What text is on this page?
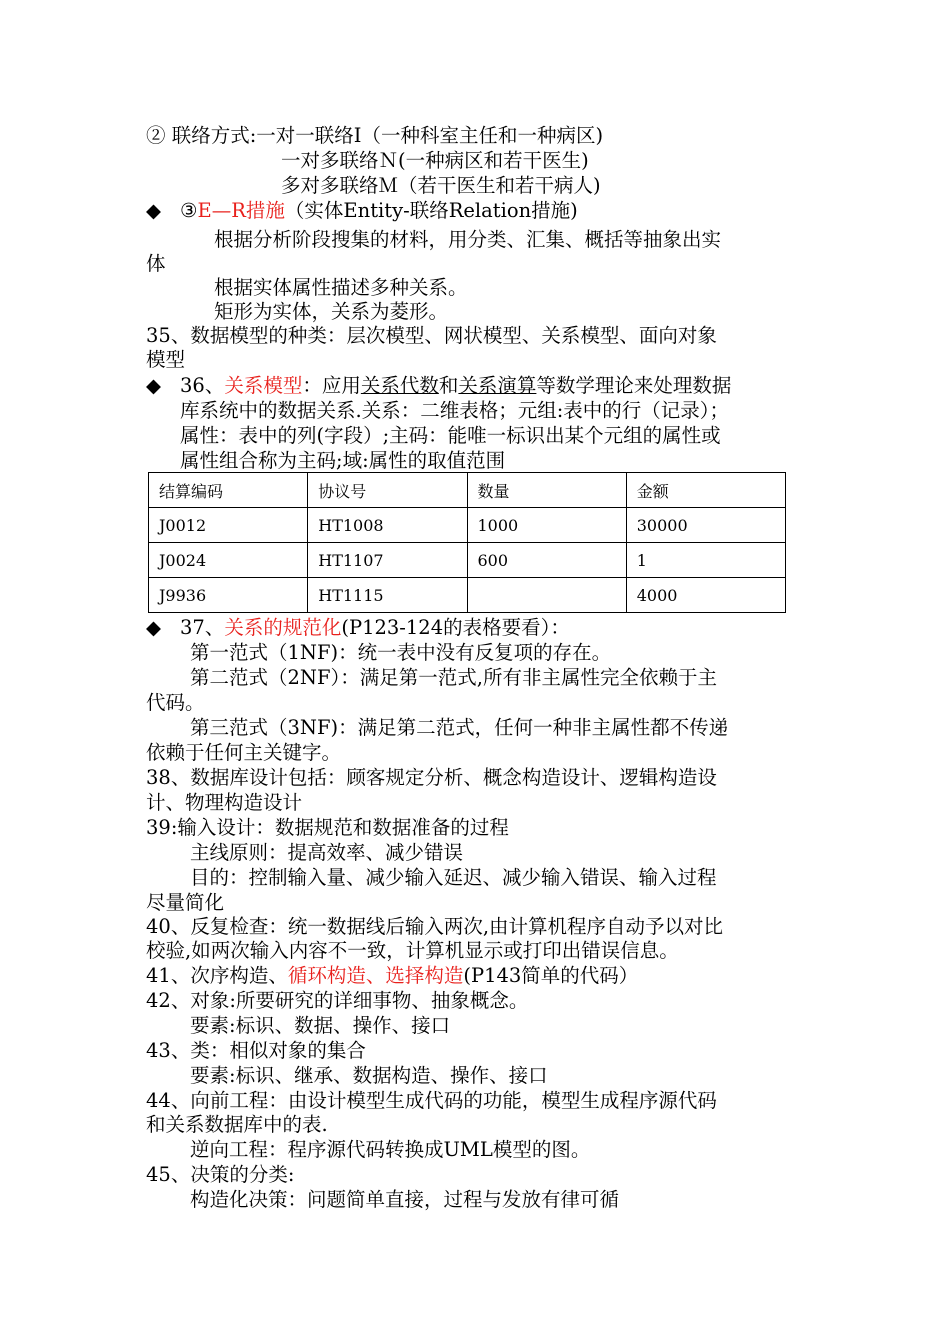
② 联络方式:一对一联络Ⅰ（一种科室主任和一种病区)
一对多联络Ｎ(一种病区和若干医生)
多对多联络Ｍ（若干医生和若干病人)
◆ ③E—R措施（实体Entity-联络Relation措施)
根据分析阶段搜集的材料，用分类、汇集、概括等抽象出实
体
根据实体属性描述多种关系。
矩形为实体，关系为菱形。
35、数据模型的种类：层次模型、网状模型、关系模型、面向对象
模型
◆ 36、关系模型：应用关系代数和关系演算等数学理论来处理数据
库系统中的数据关系.关系：二维表格；元组:表中的行（记录）；
属性：表中的列(字段）;主码：能唯一标识出某个元组的属性或
属性组合称为主码;域:属性的取值范围
结算编码	协议号	数量	金额
J0012	HT1008	1000	30000
J0024	HT1107	600	1
J9936	HT1115		4000
◆ 37、关系的规范化(P123-124的表格要看）：
第一范式（1NF)：统一表中没有反复项的存在。
第二范式（2NF）：满足第一范式,所有非主属性完全依赖于主
代码。
第三范式（3NF)：满足第二范式，任何一种非主属性都不传递
依赖于任何主关键字。
38、数据库设计包括：顾客规定分析、概念构造设计、逻辑构造设
计、物理构造设计
39:输入设计：数据规范和数据准备的过程
主线原则：提高效率、减少错误
目的：控制输入量、减少输入延迟、减少输入错误、输入过程
尽量简化
40、反复检查：统一数据线后输入两次,由计算机程序自动予以对比
校验,如两次输入内容不一致，计算机显示或打印出错误信息。
41、次序构造、循环构造、选择构造(P143简单的代码）
42、对象:所要研究的详细事物、抽象概念。
要素:标识、数据、操作、接口
43、类：相似对象的集合
要素:标识、继承、数据构造、操作、接口
44、向前工程：由设计模型生成代码的功能，模型生成程序源代码
和关系数据库中的表.
逆向工程：程序源代码转换成UML模型的图。
45、决策的分类:
构造化决策：问题简单直接，过程与发放有律可循
